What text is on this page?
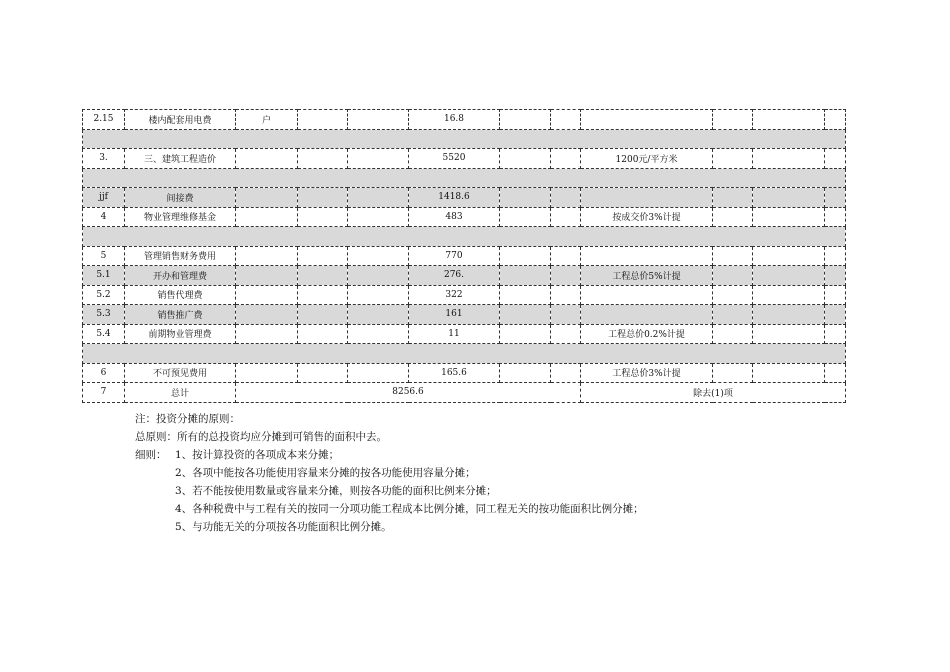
2.15	楼内配套用电费	户			16.8						

3.	三、建筑工程造价				5520			1200元/平方米			

jjf	间接费				1418.6						
4	物业管理维修基金				483			按成交价3%计提			

5	管理销售财务费用				770						
5.1	开办和管理费				276.			工程总价5%计提			
5.2	销售代理费				322						
5.3	销售推广费				161						
5.4	前期物业管理费				11			工程总价0.2%计提			

6	不可预见费用				165.6			工程总价3%计提			
7	总计	8256.6						除去(1)项			
注：投资分摊的原则：
总原则：所有的总投资均应分摊到可销售的面积中去。
细则： 1、按计算投资的各项成本来分摊；
2、各项中能按各功能使用容量来分摊的按各功能使用容量分摊；
3、若不能按使用数量或容量来分摊，则按各功能的面积比例来分摊；
4、各种税费中与工程有关的按同一分项功能工程成本比例分摊，同工程无关的按功能面积比例分摊；
5、与功能无关的分项按各功能面积比例分摊。
